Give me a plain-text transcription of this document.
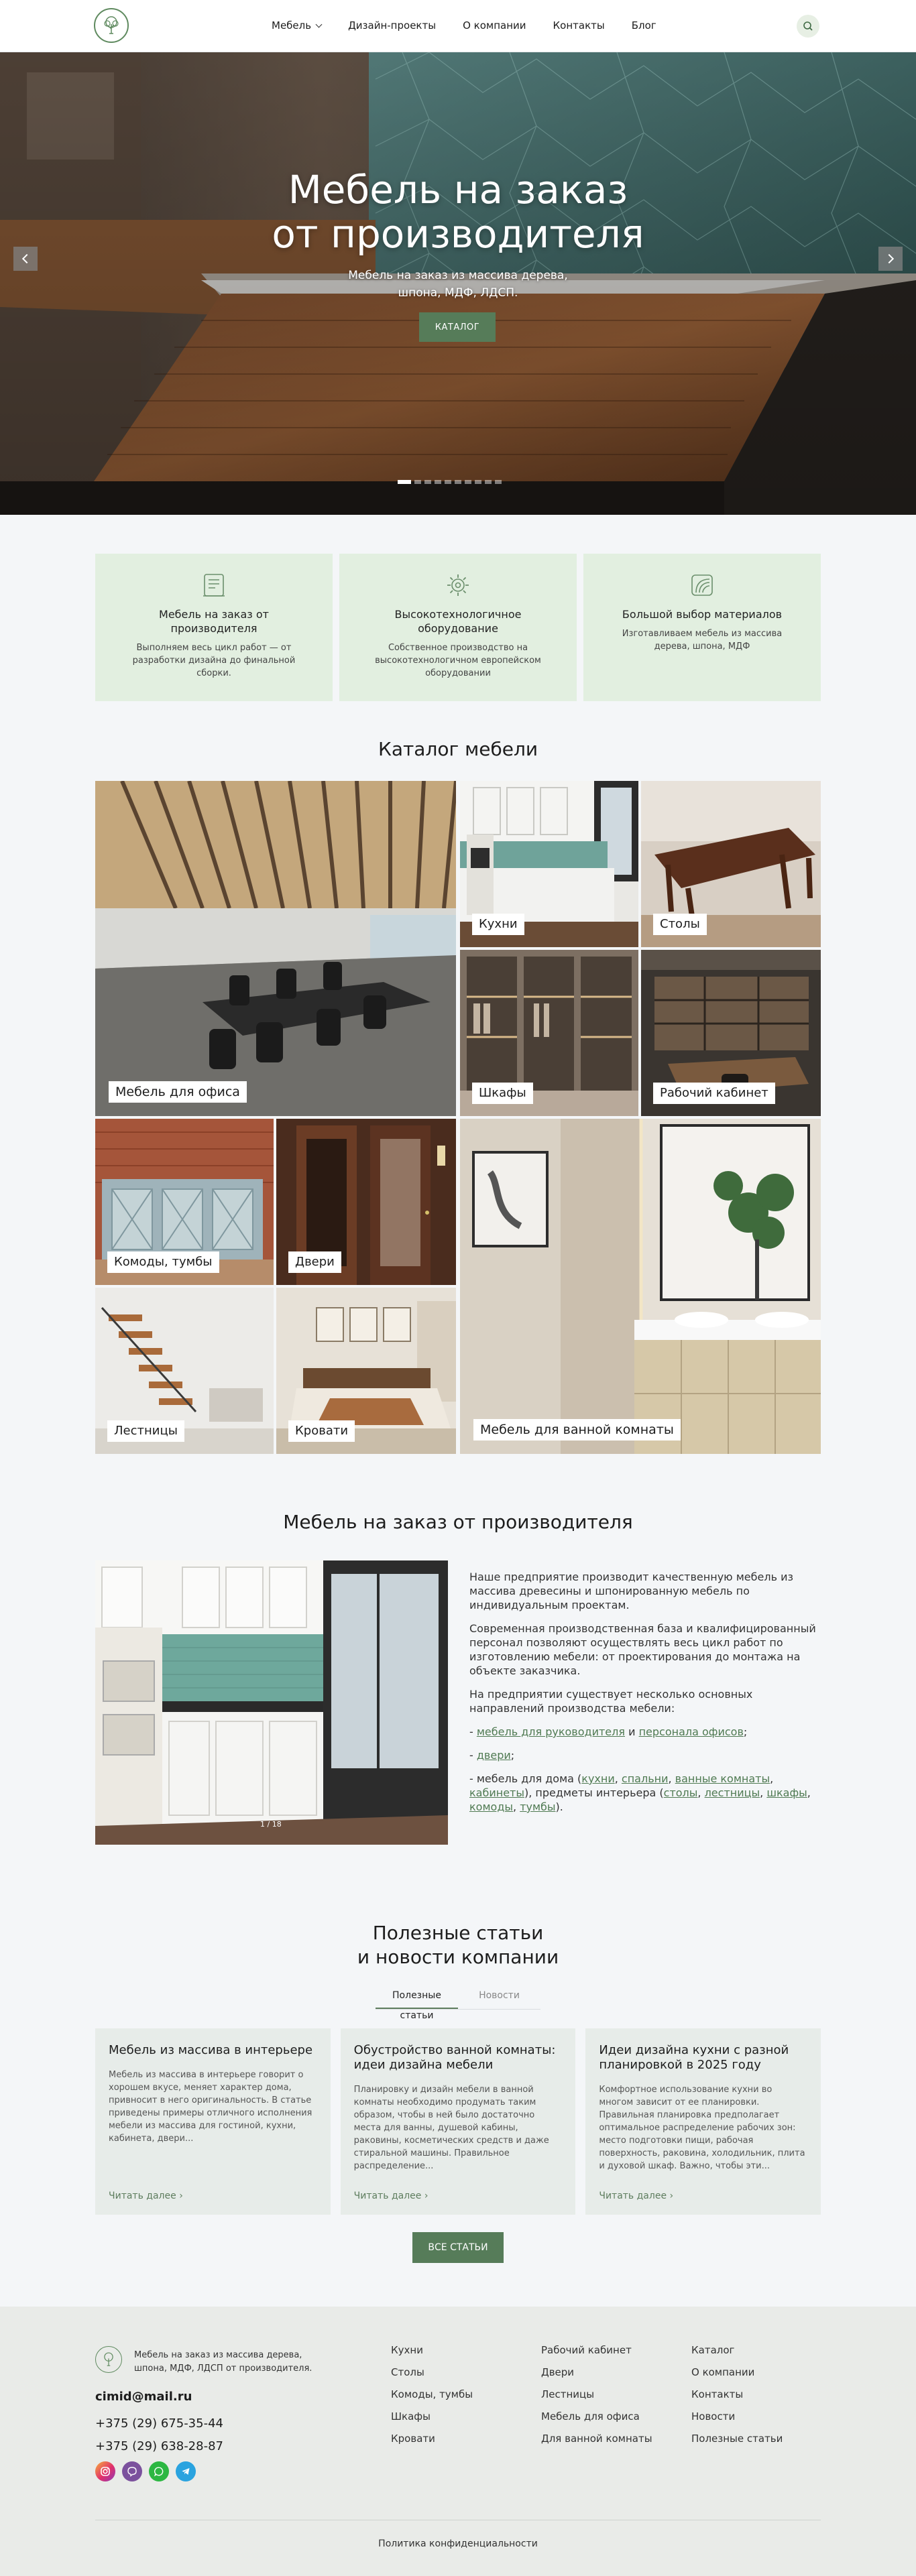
Мебель	Дизайн-проекты	О компании	Контакты	Блог
Мебель на заказ
от производителя
Мебель на заказ из массива дерева,
шпона, МДФ, ЛДСП.
КАТАЛОГ
Мебель на заказ от производителя

Выполняем весь цикл работ — от разработки дизайна до финальной сборки.

Высокотехнологичное оборудование

Собственное производство на высокотехнологичном европейском оборудовании

Большой выбор материалов

Изготавливаем мебель из массива дерева, шпона, МДФ

Каталог мебели
Мебель для офиса
Кухни	Столы
Шкафы	Рабочий кабинет
Комоды, тумбы	Двери
Мебель для ванной комнаты
Лестницы	Кровати
Мебель на заказ от производителя
1 / 18

Наше предприятие производит качественную мебель из массива древесины и шпонированную мебель по индивидуальным проектам.

Современная производственная база и квалифицированный персонал позволяют осуществлять весь цикл работ по изготовлению мебели: от проектирования до монтажа на объекте заказчика.

На предприятии существует несколько основных направлений производства мебели:

- мебель для руководителя и персонала офисов;

- двери;

- мебель для дома (кухни, спальни, ванные комнаты, кабинеты), предметы интерьера (столы, лестницы, шкафы, комоды, тумбы).

Полезные статьи
и новости компании
Полезные статьи
Новости
Мебель из массива в интерьере

Мебель из массива в интерьере говорит о хорошем вкусе, меняет характер дома, привносит в него оригинальность. В статье приведены примеры отличного исполнения мебели из массива для гостиной, кухни, кабинета, двери...

Читать далее ›
Обустройство ванной комнаты: идеи дизайна мебели

Планировку и дизайн мебели в ванной комнаты необходимо продумать таким образом, чтобы в ней было достаточно места для ванны, душевой кабины, раковины, косметических средств и даже стиральной машины. Правильное распределение...

Читать далее ›
Идеи дизайна кухни с разной планировкой в 2025 году

Комфортное использование кухни во многом зависит от ее планировки. Правильная планировка предполагает оптимальное распределение рабочих зон: место подготовки пищи, рабочая поверхность, раковина, холодильник, плита и духовой шкаф. Важно, чтобы эти...

Читать далее ›
ВСЕ СТАТЬИ
Мебель на заказ из массива дерева, шпона, МДФ, ЛДСП от производителя.
cimid@mail.ru
+375 (29) 675-35-44
+375 (29) 638-28-87
Кухни
Столы
Комоды, тумбы
Шкафы
Кровати
Рабочий кабинет
Двери
Лестницы
Мебель для офиса
Для ванной комнаты
Каталог
О компании
Контакты
Новости
Полезные статьи
Политика конфиденциальности
